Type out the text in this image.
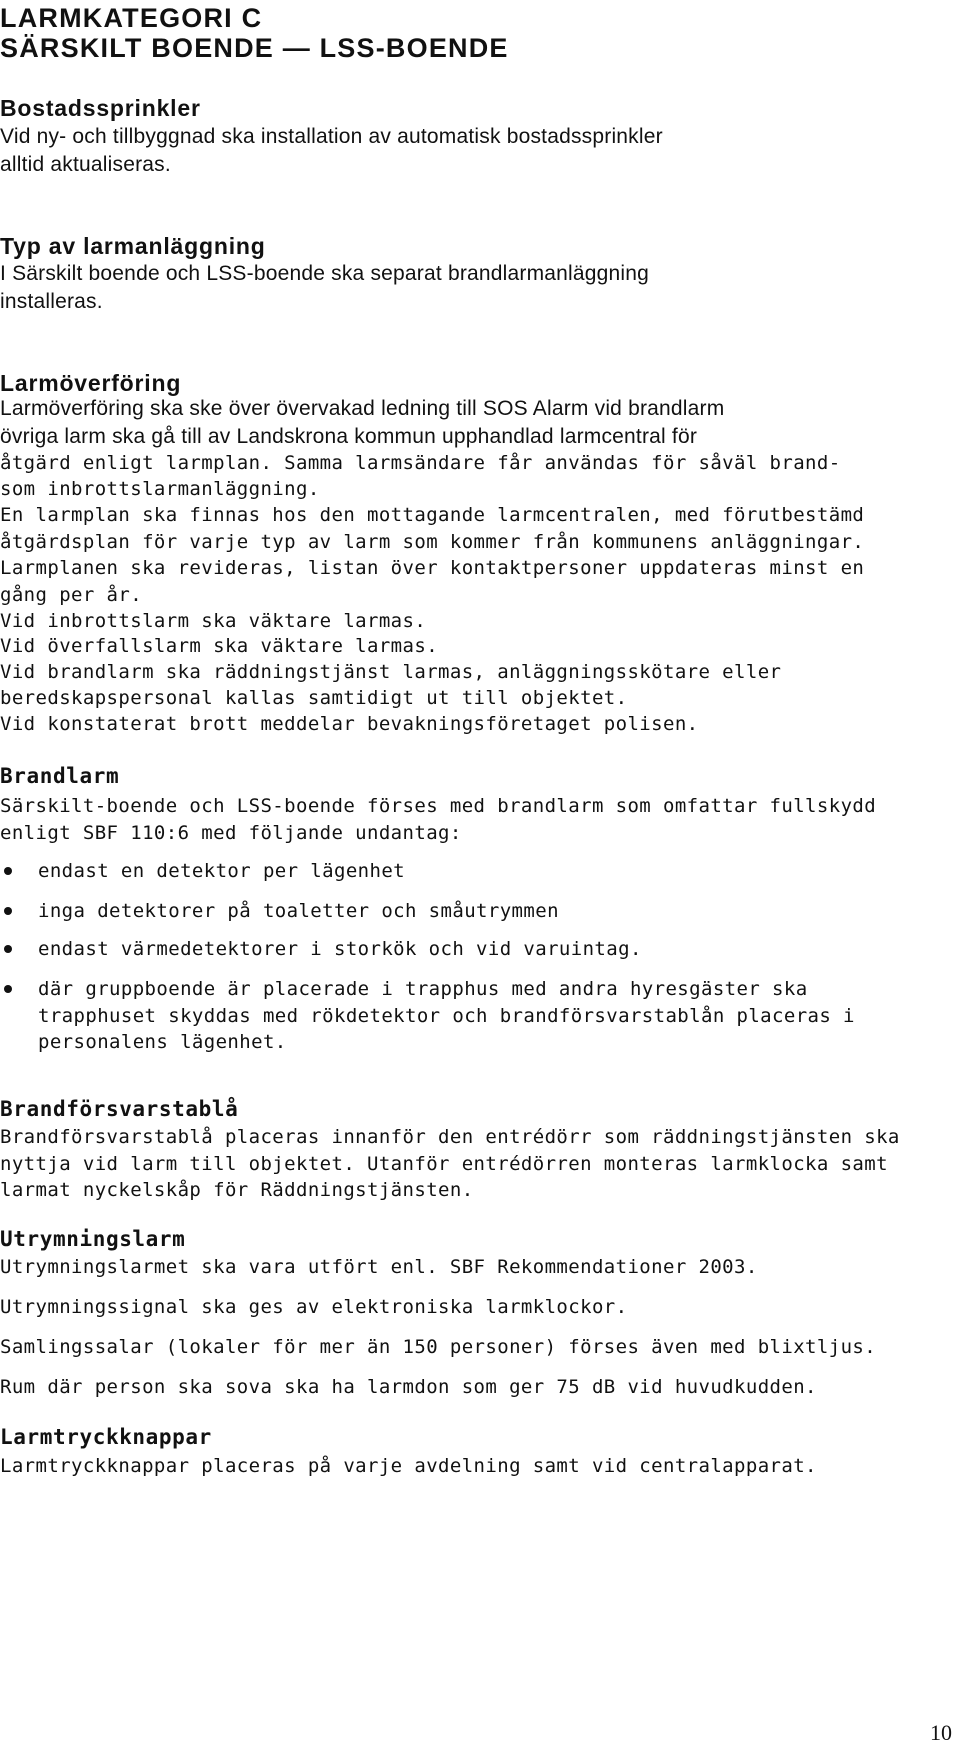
LARMKATEGORI C
SÄRSKILT BOENDE — LSS-BOENDE
Bostadssprinkler
Vid ny- och tillbyggnad ska installation av automatisk bostadssprinkler
alltid aktualiseras.
Typ av larmanläggning
I Särskilt boende och LSS-boende ska separat brandlarmanläggning
installeras.
Larmöverföring
Larmöverföring ska ske över övervakad ledning till SOS Alarm vid brandlarm
övriga larm ska gå till av Landskrona kommun upphandlad larmcentral för
åtgärd enligt larmplan. Samma larmsändare får användas för såväl brand-
som inbrottslarmanläggning.
En larmplan ska finnas hos den mottagande larmcentralen, med förutbestämd
åtgärdsplan för varje typ av larm som kommer från kommunens anläggningar.
Larmplanen ska revideras, listan över kontaktpersoner uppdateras minst en
gång per år.
Vid inbrottslarm ska väktare larmas.
Vid överfallslarm ska väktare larmas.
Vid brandlarm ska räddningstjänst larmas, anläggningsskötare eller
beredskapspersonal kallas samtidigt ut till objektet.
Vid konstaterat brott meddelar bevakningsföretaget polisen.
Brandlarm
Särskilt-boende och LSS-boende förses med brandlarm som omfattar fullskydd
enligt SBF 110:6 med följande undantag:
endast en detektor per lägenhet
inga detektorer på toaletter och småutrymmen
endast värmedetektorer i storkök och vid varuintag.
där gruppboende är placerade i trapphus med andra hyresgäster ska
trapphuset skyddas med rökdetektor och brandförsvarstablån placeras i
personalens lägenhet.
Brandförsvarstablå
Brandförsvarstablå placeras innanför den entrédörr som räddningstjänsten ska
nyttja vid larm till objektet. Utanför entrédörren monteras larmklocka samt
larmat nyckelskåp för Räddningstjänsten.
Utrymningslarm
Utrymningslarmet ska vara utfört enl. SBF Rekommendationer 2003.
Utrymningssignal ska ges av elektroniska larmklockor.
Samlingssalar (lokaler för mer än 150 personer) förses även med blixtljus.
Rum där person ska sova ska ha larmdon som ger 75 dB vid huvudkudden.
Larmtryckknappar
Larmtryckknappar placeras på varje avdelning samt vid centralapparat.
10
